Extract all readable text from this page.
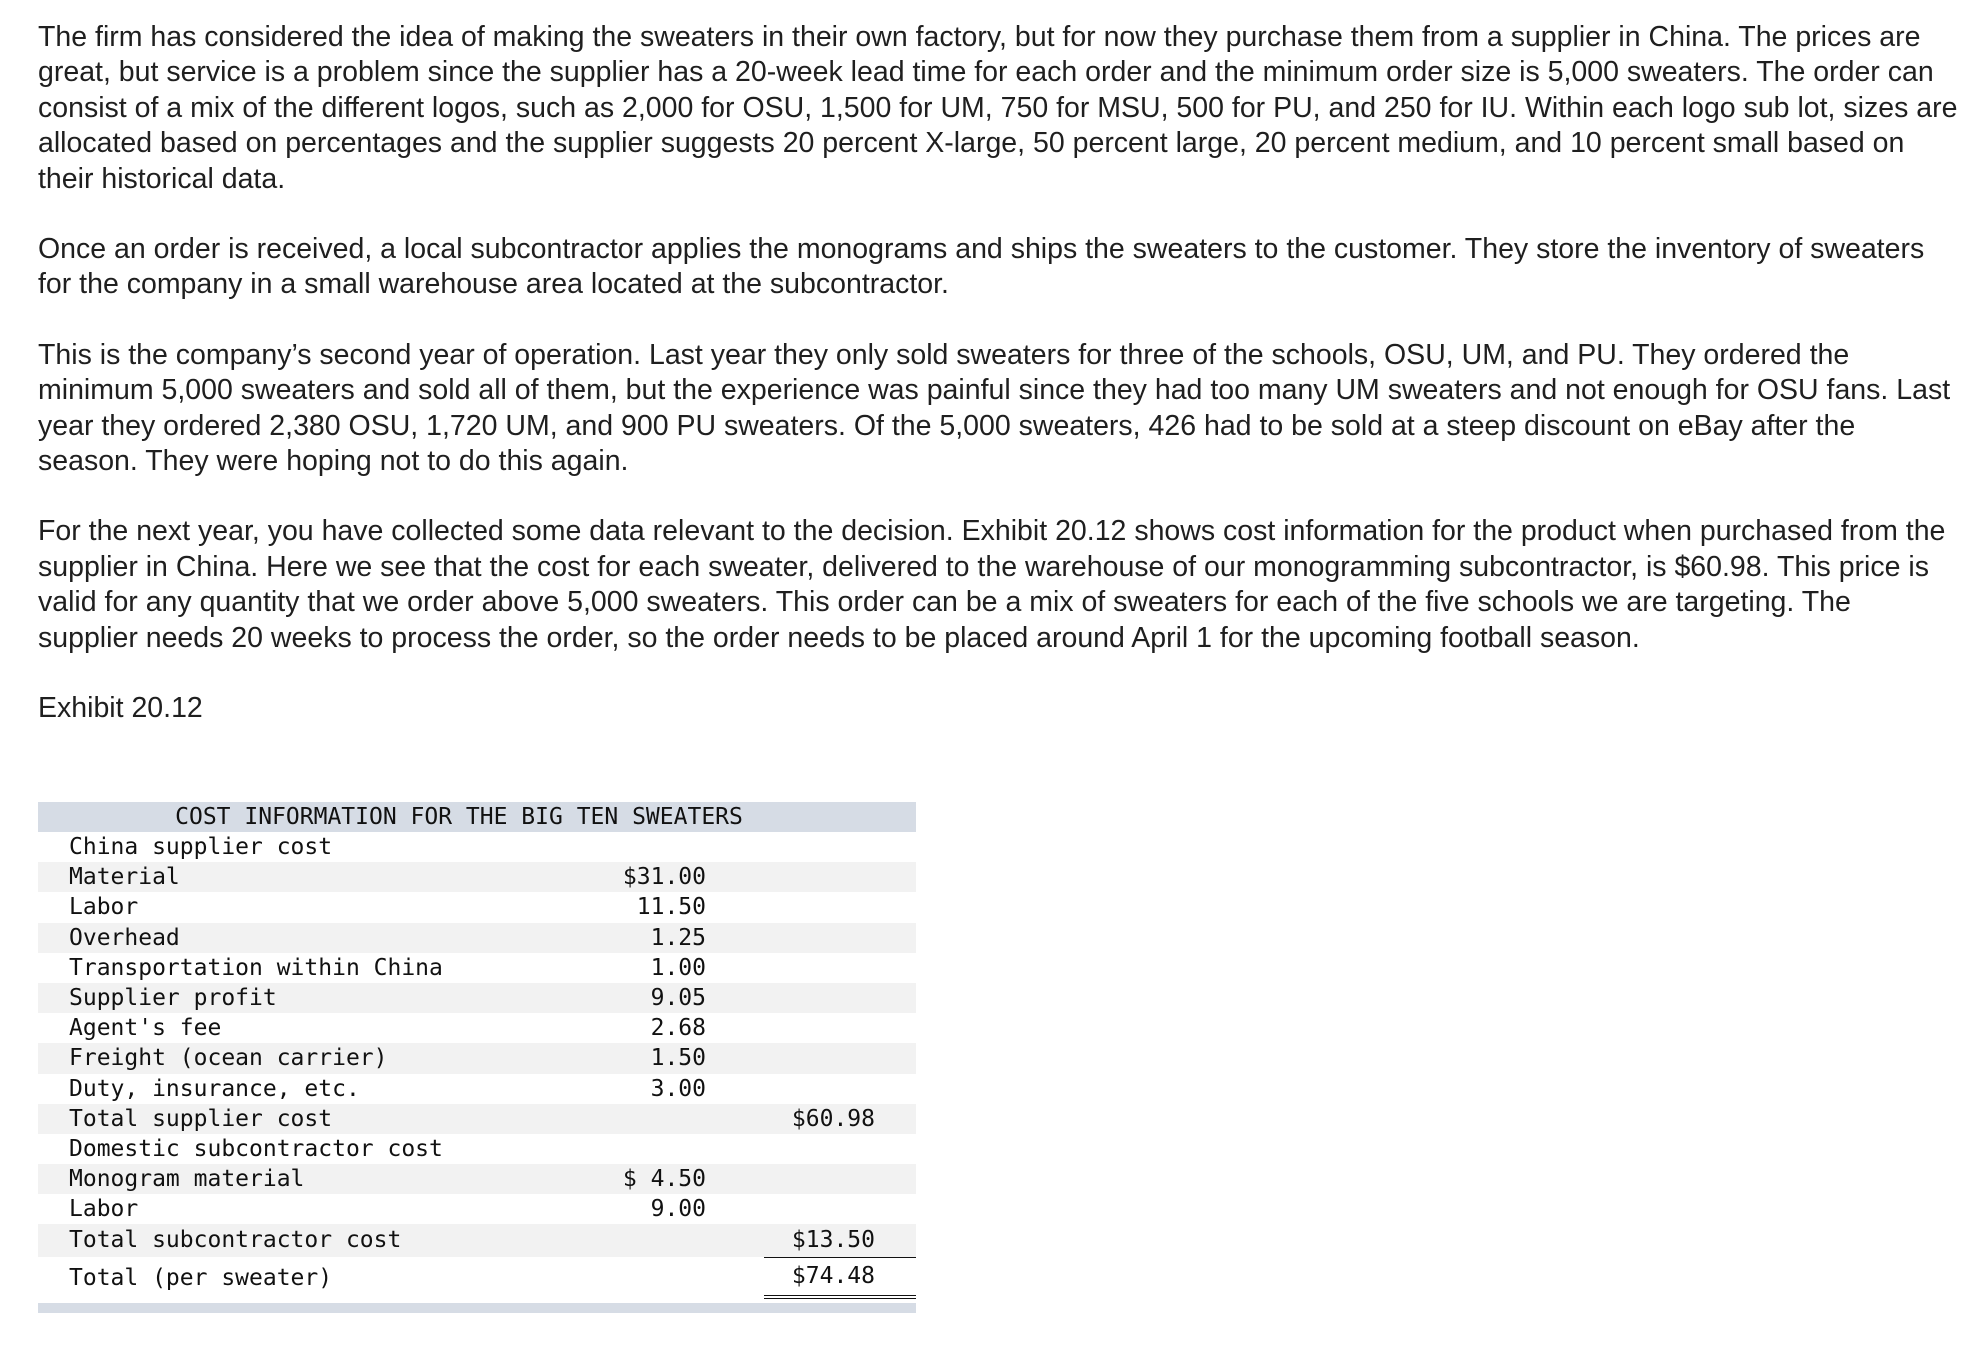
The firm has considered the idea of making the sweaters in their own factory, but for now they purchase them from a supplier in China. The prices are great, but service is a problem since the supplier has a 20-week lead time for each order and the minimum order size is 5,000 sweaters. The order can consist of a mix of the different logos, such as 2,000 for OSU, 1,500 for UM, 750 for MSU, 500 for PU, and 250 for IU. Within each logo sub lot, sizes are allocated based on percentages and the supplier suggests 20 percent X-large, 50 percent large, 20 percent medium, and 10 percent small based on their historical data.

Once an order is received, a local subcontractor applies the monograms and ships the sweaters to the customer. They store the inventory of sweaters for the company in a small warehouse area located at the subcontractor.

This is the company’s second year of operation. Last year they only sold sweaters for three of the schools, OSU, UM, and PU. They ordered the minimum 5,000 sweaters and sold all of them, but the experience was painful since they had too many UM sweaters and not enough for OSU fans. Last year they ordered 2,380 OSU, 1,720 UM, and 900 PU sweaters. Of the 5,000 sweaters, 426 had to be sold at a steep discount on eBay after the season. They were hoping not to do this again.

For the next year, you have collected some data relevant to the decision. Exhibit 20.12 shows cost information for the product when purchased from the supplier in China. Here we see that the cost for each sweater, delivered to the warehouse of our monogramming subcontractor, is $60.98. This price is valid for any quantity that we order above 5,000 sweaters. This order can be a mix of sweaters for each of the five schools we are targeting. The supplier needs 20 weeks to process the order, so the order needs to be placed around April 1 for the upcoming football season.

Exhibit 20.12

COST INFORMATION FOR THE BIG TEN SWEATERS
China supplier cost
Material	$31.00
Labor	11.50
Overhead	1.25
Transportation within China	1.00
Supplier profit	9.05
Agent's fee	2.68
Freight (ocean carrier)	1.50
Duty, insurance, etc.	3.00
Total supplier cost	$60.98
Domestic subcontractor cost
Monogram material	$ 4.50
Labor	9.00
Total subcontractor cost	$13.50
Total (per sweater)	$74.48
